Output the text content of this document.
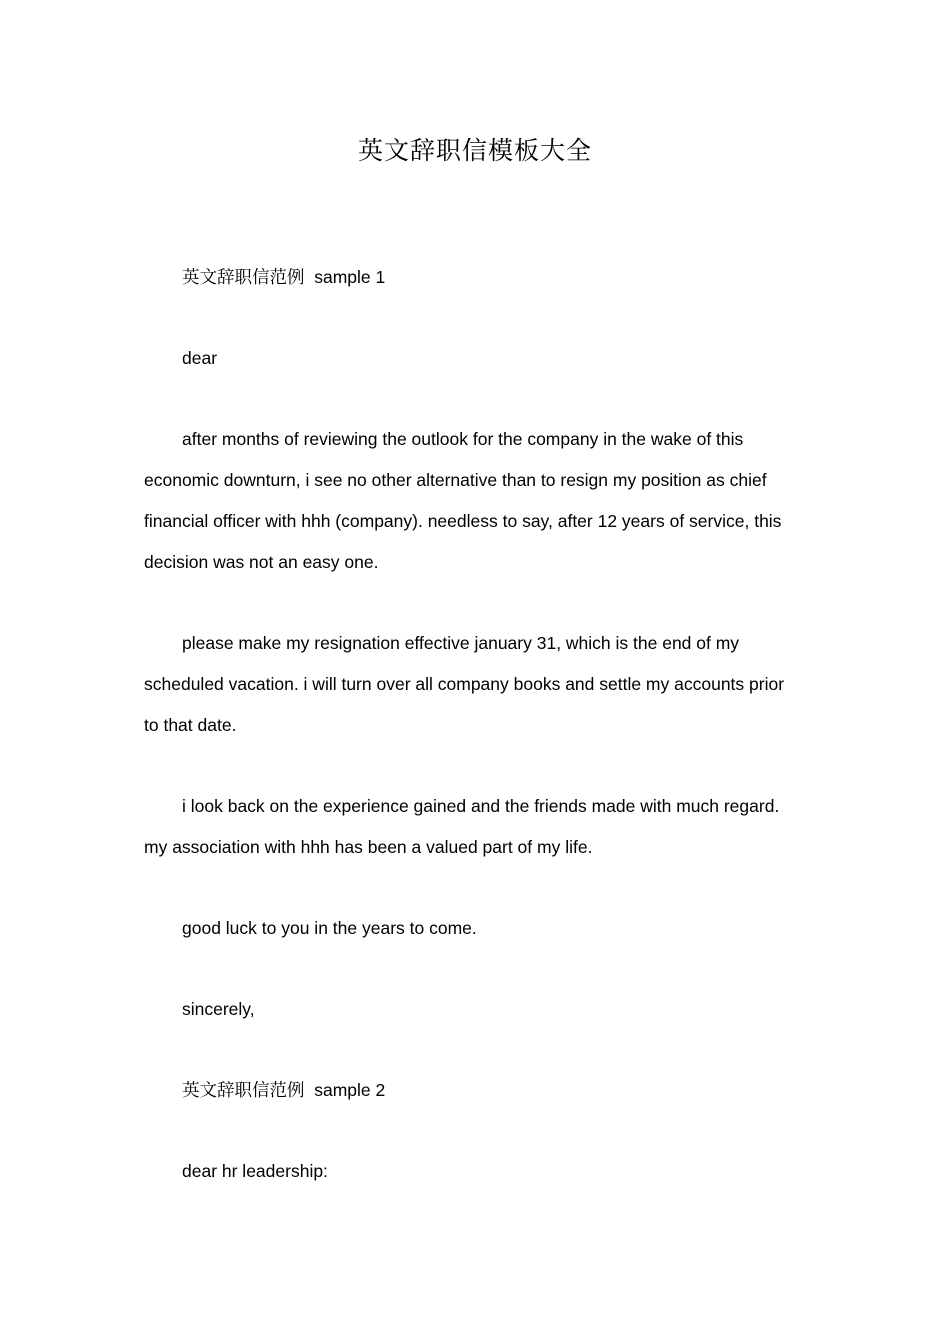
英文辞职信模板大全
英文辞职信范例 sample 1
dear
after months of reviewing the outlook for the company in the wake of this
economic downturn, i see no other alternative than to resign my position as chief
financial officer with hhh (company). needless to say, after 12 years of service, this
decision was not an easy one.
please make my resignation effective january 31, which is the end of my
scheduled vacation. i will turn over all company books and settle my accounts prior
to that date.
i look back on the experience gained and the friends made with much regard.
my association with hhh has been a valued part of my life.
good luck to you in the years to come.
sincerely,
英文辞职信范例 sample 2
dear hr leadership:
